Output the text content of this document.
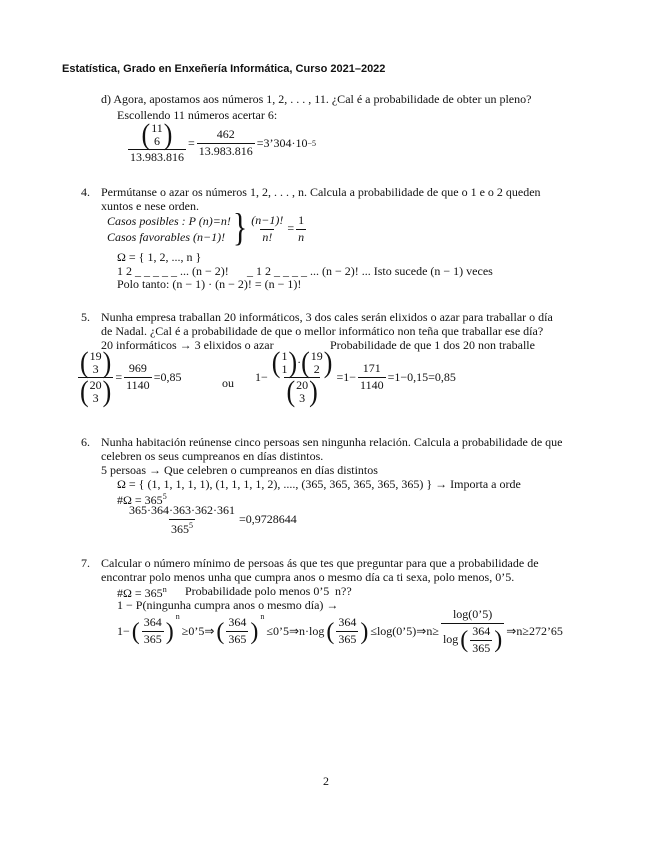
Estatística, Grado en Enxeñería Informática, Curso 2021–2022
d) Agora, apostamos aos números 1, 2, . . . , 11. ¿Cal é a probabilidade de obter un pleno?
Escollendo 11 números acertar 6:
( 11
6 )
$13.983.816 = \frac{462}{13.983.816}$ =3’304·10 −5
4. Permútanse o azar os números 1, 2, . . . , n. Calcula a probabilidade de que o 1 e o 2 queden
xuntos e nese orden.
Casos posibles : P (n)=n!
Casos favorables (n−1)! } $\frac{(n-1)!}{n!} = \frac{1}{n}$
Ω = { 1, 2, ..., n }
1 2 _ _ _ _ _ ... (n − 2)! _ 1 2 _ _ _ _ ... (n − 2)! ... Isto sucede (n − 1) veces
Polo tanto: (n − 1) · (n − 2)! = (n − 1)!
5. Nunha empresa traballan 20 informáticos, 3 dos cales serán elixidos o azar para traballar o día
de Nadal. ¿Cal é a probabilidade de que o mellor informático non teña que traballar ese día?
20 informáticos → 3 elixidos o azar	Probabilidade de que 1 dos 20 non traballe
( 19
3 )
( 20
3 ) = $\frac{969}{1140} =0,85$	ou 1− ( 1
1 ) · ( 19
2 )
( 20
3 ) $=1- \frac{171}{1140} =1-0,15=0,85$
6. Nunha habitación reúnense cinco persoas sen ningunha relación. Calcula a probabilidade de que
celebren os seus cumpreanos en días distintos.
5 persoas → Que celebren o cumpreanos en días distintos
Ω = { (1, 1, 1, 1, 1), (1, 1, 1, 1, 2), ...., (365, 365, 365, 365, 365) } → Importa a orde
#Ω = $365^5$
$\frac{365\cdot 364\cdot 363\cdot 362\cdot 361}{365^5} =0,9728644$
7. Calcular o número mínimo de persoas ás que tes que preguntar para que a probabilidade de
encontrar polo menos unha que cumpra anos o mesmo día ca ti sexa, polo menos, 0’5.
#Ω = $365^n$ Probabilidade polo menos 0’5 n??
1 − P(ningunha cumpra anos o mesmo día) →
1− ( $\frac{364}{365}$ )
$^n$
≥0’5⇒ ( $\frac{364}{365}$ )
$^n$
≤0’5⇒n·log ( $\frac{364}{365}$ ) ≤log(0’5)⇒n≥ $\frac{\log(0’5)}{\log ( \frac{364}{365} )}$ ⇒n≥272’65
2
